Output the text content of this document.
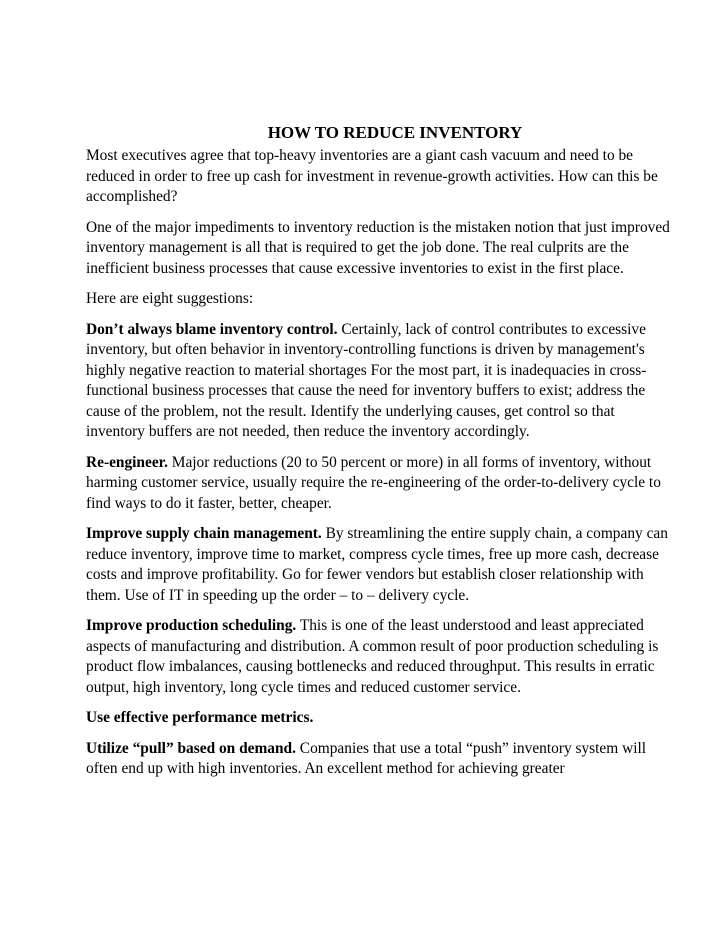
HOW TO REDUCE INVENTORY

Most executives agree that top-heavy inventories are a giant cash vacuum and need to be reduced in order to free up cash for investment in revenue-growth activities. How can this be accomplished?

One of the major impediments to inventory reduction is the mistaken notion that just improved inventory management is all that is required to get the job done. The real culprits are the inefficient business processes that cause excessive inventories to exist in the first place.

Here are eight suggestions:

Don’t always blame inventory control. Certainly, lack of control contributes to excessive inventory, but often behavior in inventory-controlling functions is driven by management's highly negative reaction to material shortages For the most part, it is inadequacies in cross-functional business processes that cause the need for inventory buffers to exist; address the cause of the problem, not the result. Identify the underlying causes, get control so that inventory buffers are not needed, then reduce the inventory accordingly.

Re-engineer. Major reductions (20 to 50 percent or more) in all forms of inventory, without harming customer service, usually require the re-engineering of the order-to-delivery cycle to find ways to do it faster, better, cheaper.

Improve supply chain management. By streamlining the entire supply chain, a company can reduce inventory, improve time to market, compress cycle times, free up more cash, decrease costs and improve profitability. Go for fewer vendors but establish closer relationship with them. Use of IT in speeding up the order – to – delivery cycle.

Improve production scheduling. This is one of the least understood and least appreciated aspects of manufacturing and distribution. A common result of poor production scheduling is product flow imbalances, causing bottlenecks and reduced throughput. This results in erratic output, high inventory, long cycle times and reduced customer service.

Use effective performance metrics.

Utilize “pull” based on demand. Companies that use a total “push” inventory system will often end up with high inventories. An excellent method for achieving greater
